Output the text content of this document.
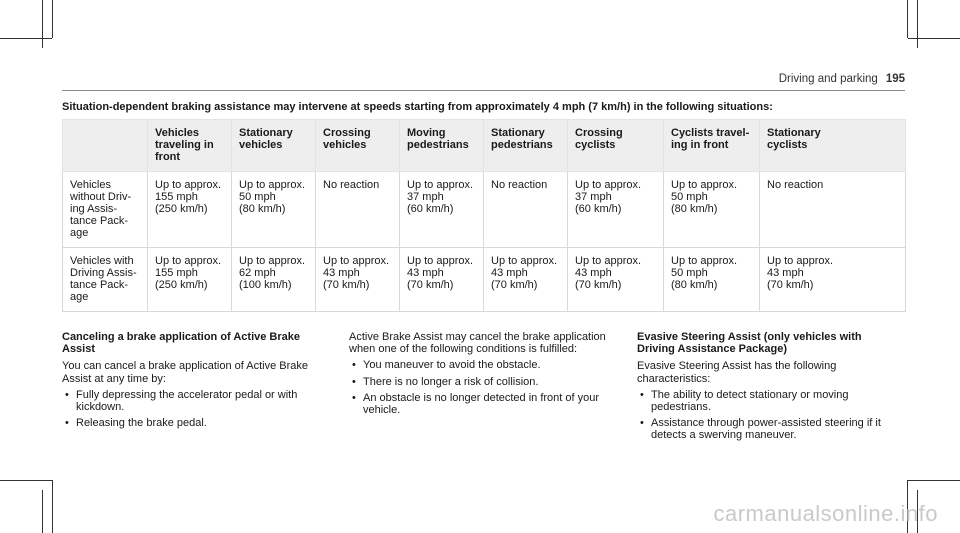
Driving and parking 195
Situation-dependent braking assistance may intervene at speeds starting from approximately 4 mph (7 km/h) in the following situations:

	Vehicles
traveling in
front	Stationary
vehicles	Crossing
vehicles	Moving
pedestrians	Stationary
pedestrians	Crossing
cyclists	Cyclists travel-
ing in front	Stationary
cyclists

Vehicles
without Driv-
ing Assis-
tance Pack-
age	Up to approx.
155 mph
(250 km/h)	Up to approx.
50 mph
(80 km/h)	No reaction	Up to approx.
37 mph
(60 km/h)	No reaction	Up to approx.
37 mph
(60 km/h)	Up to approx.
50 mph
(80 km/h)	No reaction

Vehicles with
Driving Assis-
tance Pack-
age	Up to approx.
155 mph
(250 km/h)	Up to approx.
62 mph
(100 km/h)	Up to approx.
43 mph
(70 km/h)	Up to approx.
43 mph
(70 km/h)	Up to approx.
43 mph
(70 km/h)	Up to approx.
43 mph
(70 km/h)	Up to approx.
50 mph
(80 km/h)	Up to approx.
43 mph
(70 km/h)
Canceling a brake application of Active Brake Assist

You can cancel a brake application of Active Brake Assist at any time by:

• Fully depressing the accelerator pedal or with kickdown.
• Releasing the brake pedal.

Active Brake Assist may cancel the brake application when one of the following conditions is fulfilled:

• You maneuver to avoid the obstacle.
• There is no longer a risk of collision.
• An obstacle is no longer detected in front of your vehicle.
Evasive Steering Assist (only vehicles with Driving Assistance Package)

Evasive Steering Assist has the following characteristics:

• The ability to detect stationary or moving pedestrians.
• Assistance through power-assisted steering if it detects a swerving maneuver.
carmanualsonline.info
